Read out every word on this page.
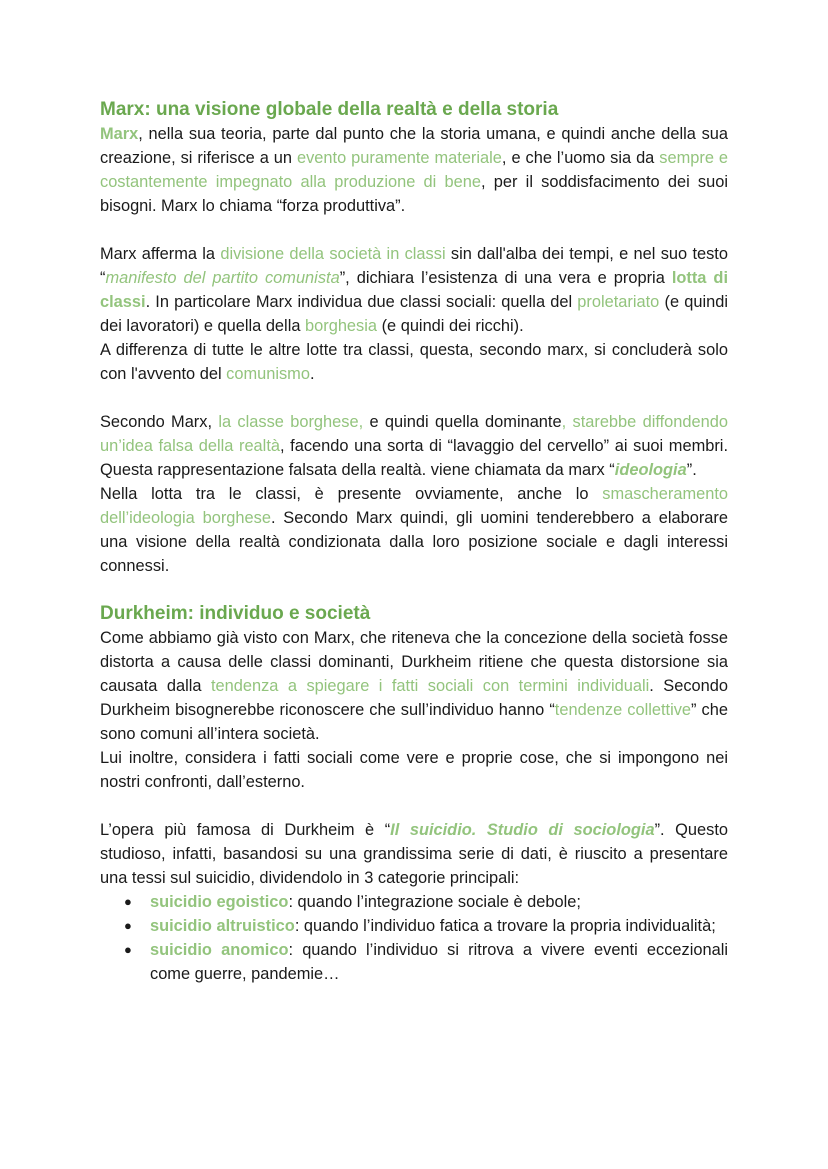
Marx: una visione globale della realtà e della storia

Marx, nella sua teoria, parte dal punto che la storia umana, e quindi anche della sua creazione, si riferisce a un evento puramente materiale, e che l’uomo sia da sempre e costantemente impegnato alla produzione di bene, per il soddisfacimento dei suoi bisogni. Marx lo chiama “forza produttiva”.

Marx afferma la divisione della società in classi sin dall'alba dei tempi, e nel suo testo “manifesto del partito comunista”, dichiara l’esistenza di una vera e propria lotta di classi. In particolare Marx individua due classi sociali: quella del proletariato (e quindi dei lavoratori) e quella della borghesia (e quindi dei ricchi).

A differenza di tutte le altre lotte tra classi, questa, secondo marx, si concluderà solo con l'avvento del comunismo.

Secondo Marx, la classe borghese, e quindi quella dominante, starebbe diffondendo un’idea falsa della realtà, facendo una sorta di “lavaggio del cervello” ai suoi membri. Questa rappresentazione falsata della realtà. viene chiamata da marx “ideologia”.

Nella lotta tra le classi, è presente ovviamente, anche lo smascheramento dell’ideologia borghese. Secondo Marx quindi, gli uomini tenderebbero a elaborare una visione della realtà condizionata dalla loro posizione sociale e dagli interessi connessi.

Durkheim: individuo e società

Come abbiamo già visto con Marx, che riteneva che la concezione della società fosse distorta a causa delle classi dominanti, Durkheim ritiene che questa distorsione sia causata dalla tendenza a spiegare i fatti sociali con termini individuali. Secondo Durkheim bisognerebbe riconoscere che sull’individuo hanno “tendenze collettive” che sono comuni all’intera società.

Lui inoltre, considera i fatti sociali come vere e proprie cose, che si impongono nei nostri confronti, dall’esterno.

L’opera più famosa di Durkheim è “Il suicidio. Studio di sociologia”. Questo studioso, infatti, basandosi su una grandissima serie di dati, è riuscito a presentare una tessi sul suicidio, dividendolo in 3 categorie principali:

● suicidio egoistico: quando l’integrazione sociale è debole;
● suicidio altruistico: quando l’individuo fatica a trovare la propria individualità;
● suicidio anomico: quando l’individuo si ritrova a vivere eventi eccezionali come guerre, pandemie…
